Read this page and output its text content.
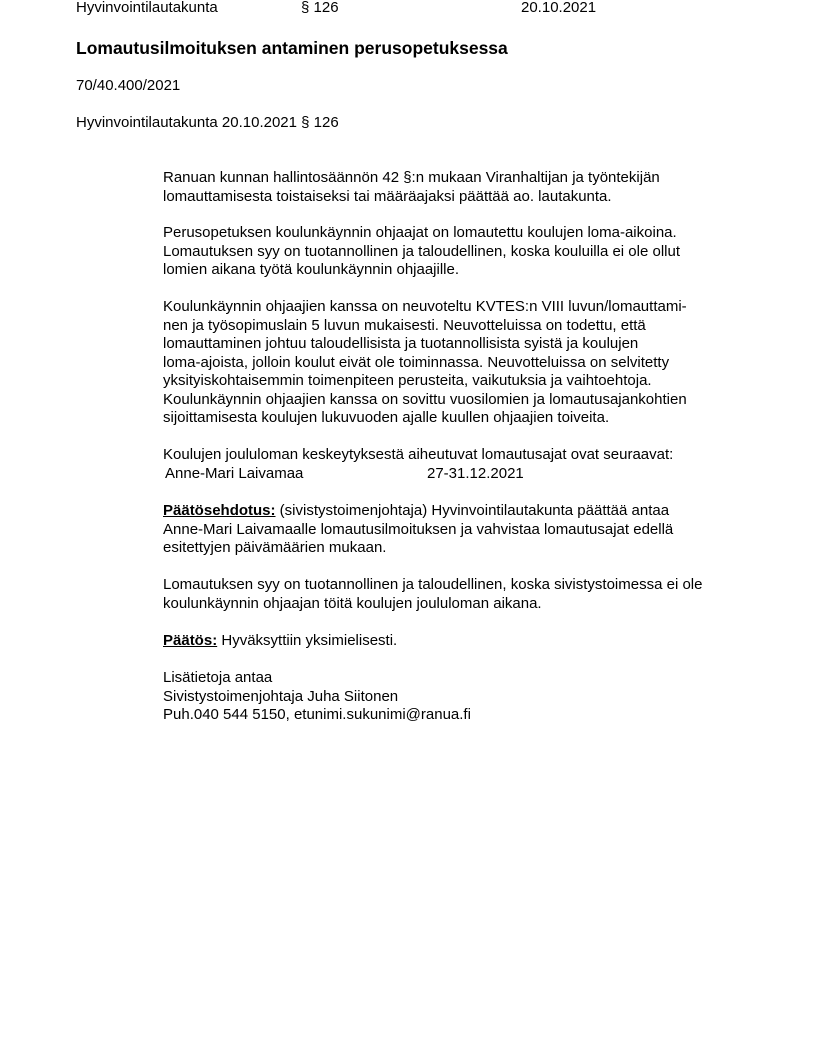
Hyvinvointilautakunta	§ 126	20.10.2021
Lomautusilmoituksen antaminen perusopetuksessa
70/40.400/2021
Hyvinvointilautakunta 20.10.2021 § 126

Ranuan kunnan hallintosäännön 42 §:n mukaan Viranhaltijan ja työntekijän
lomauttamisesta toistaiseksi tai määräajaksi päättää ao. lautakunta.

Perusopetuksen koulunkäynnin ohjaajat on lomautettu koulujen loma-aikoina.
Lomautuksen syy on tuotannollinen ja taloudellinen, koska kouluilla ei ole ollut
lomien aikana työtä koulunkäynnin ohjaajille.

Koulunkäynnin ohjaajien kanssa on neuvoteltu KVTES:n VIII luvun/lomauttami-
nen ja työsopimuslain 5 luvun mukaisesti. Neuvotteluissa on todettu, että
lomauttaminen johtuu taloudellisista ja tuotannollisista syistä ja koulujen
loma-ajoista, jolloin koulut eivät ole toiminnassa. Neuvotteluissa on selvitetty
yksityiskohtaisemmin toimenpiteen perusteita, vaikutuksia ja vaihtoehtoja.
Koulunkäynnin ohjaajien kanssa on sovittu vuosilomien ja lomautusajankohtien
sijoittamisesta koulujen lukuvuoden ajalle kuullen ohjaajien toiveita.

Koulujen joululoman keskeytyksestä aiheutuvat lomautusajat ovat seuraavat:
Anne-Mari Laivamaa	27-31.12.2021
Päätösehdotus: (sivistystoimenjohtaja) Hyvinvointilautakunta päättää antaa
Anne-Mari Laivamaalle lomautusilmoituksen ja vahvistaa lomautusajat edellä
esitettyjen päivämäärien mukaan.

Lomautuksen syy on tuotannollinen ja taloudellinen, koska sivistystoimessa ei ole
koulunkäynnin ohjaajan töitä koulujen joululoman aikana.

Päätös: Hyväksyttiin yksimielisesti.

Lisätietoja antaa
Sivistystoimenjohtaja Juha Siitonen
Puh.040 544 5150, etunimi.sukunimi@ranua.fi
